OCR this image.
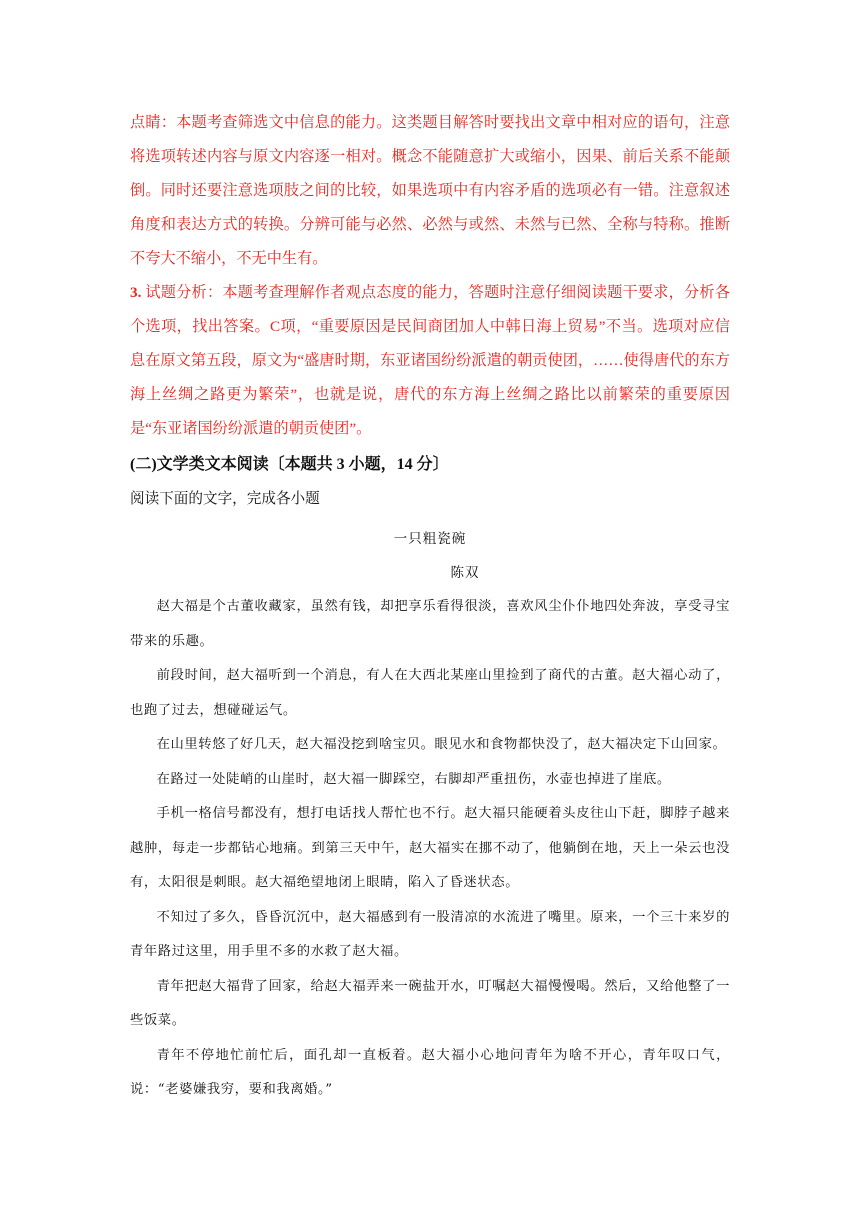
点睛：本题考查筛选文中信息的能力。这类题目解答时要找出文章中相对应的语句，注意将选项转述内容与原文内容逐一相对。概念不能随意扩大或缩小，因果、前后关系不能颠倒。同时还要注意选项肢之间的比较，如果选项中有内容矛盾的选项必有一错。注意叙述角度和表达方式的转换。分辨可能与必然、必然与或然、未然与已然、全称与特称。推断不夸大不缩小，不无中生有。

3. 试题分析：本题考查理解作者观点态度的能力，答题时注意仔细阅读题干要求，分析各个选项，找出答案。C项，“重要原因是民间商团加人中韩日海上贸易”不当。选项对应信息在原文第五段，原文为“盛唐时期，东亚诸国纷纷派遣的朝贡使团，……使得唐代的东方海上丝绸之路更为繁荣”，也就是说，唐代的东方海上丝绸之路比以前繁荣的重要原因是“东亚诸国纷纷派遣的朝贡使团”。

(二)文学类文本阅读〔本题共 3 小题，14 分〕

阅读下面的文字，完成各小题

一只粗瓷碗

陈双

赵大福是个古董收藏家，虽然有钱，却把享乐看得很淡，喜欢风尘仆仆地四处奔波，享受寻宝带来的乐趣。

前段时间，赵大福听到一个消息，有人在大西北某座山里捡到了商代的古董。赵大福心动了，也跑了过去，想碰碰运气。

在山里转悠了好几天，赵大福没挖到啥宝贝。眼见水和食物都快没了，赵大福决定下山回家。

在路过一处陡峭的山崖时，赵大福一脚踩空，右脚却严重扭伤，水壶也掉进了崖底。

手机一格信号都没有，想打电话找人帮忙也不行。赵大福只能硬着头皮往山下赶，脚脖子越来越肿，每走一步都钻心地痛。到第三天中午，赵大福实在挪不动了，他躺倒在地，天上一朵云也没有，太阳很是刺眼。赵大福绝望地闭上眼睛，陷入了昏迷状态。

不知过了多久，昏昏沉沉中，赵大福感到有一股清凉的水流进了嘴里。原来，一个三十来岁的青年路过这里，用手里不多的水救了赵大福。

青年把赵大福背了回家，给赵大福弄来一碗盐开水，叮嘱赵大福慢慢喝。然后，又给他整了一些饭菜。

青年不停地忙前忙后，面孔却一直板着。赵大福小心地问青年为啥不开心，青年叹口气，说：“老婆嫌我穷，要和我离婚。”
